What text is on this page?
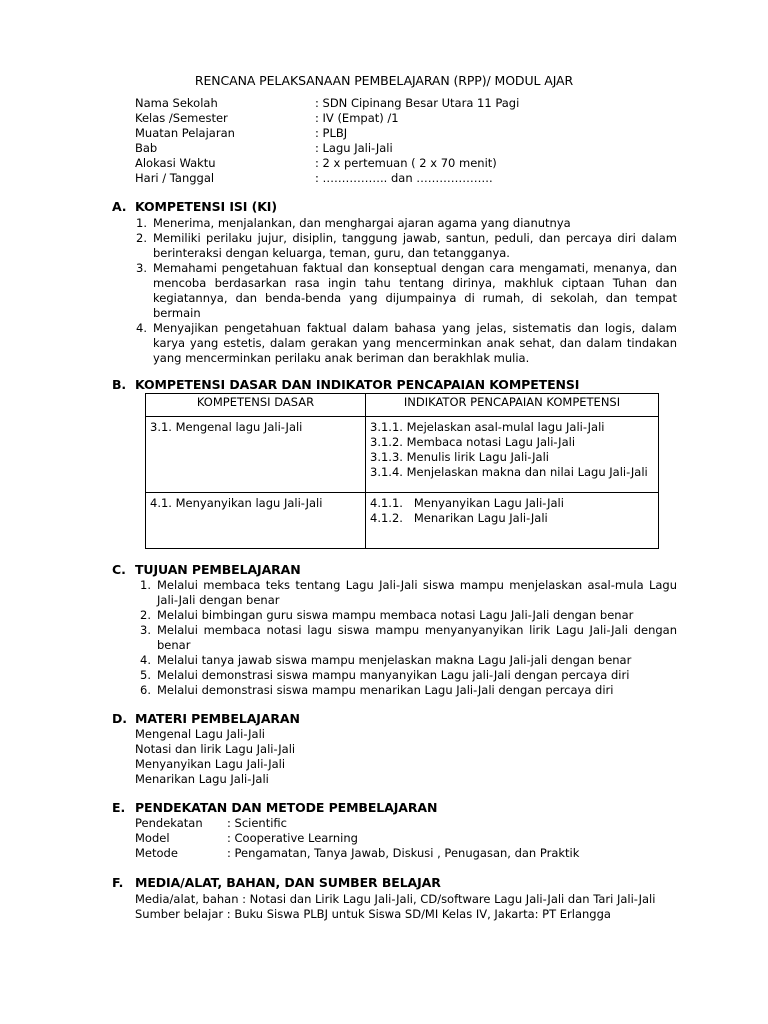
RENCANA PELAKSANAAN PEMBELAJARAN (RPP)/ MODUL AJAR
Nama Sekolah	: SDN Cipinang Besar Utara 11 Pagi
Kelas /Semester	: IV (Empat) /1
Muatan Pelajaran	: PLBJ
Bab	: Lagu Jali-Jali
Alokasi Waktu	: 2 x pertemuan ( 2 x 70 menit)
Hari / Tanggal	: …………….. dan ………………..
A. KOMPETENSI ISI (KI)
1. Menerima, menjalankan, dan menghargai ajaran agama yang dianutnya
2. Memiliki perilaku jujur, disiplin, tanggung jawab, santun, peduli, dan percaya diri dalam berinteraksi dengan keluarga, teman, guru, dan tetangganya.
3. Memahami pengetahuan faktual dan konseptual dengan cara mengamati, menanya, dan mencoba berdasarkan rasa ingin tahu tentang dirinya, makhluk ciptaan Tuhan dan kegiatannya, dan benda-benda yang dijumpainya di rumah, di sekolah, dan tempat bermain
4. Menyajikan pengetahuan faktual dalam bahasa yang jelas, sistematis dan logis, dalam karya yang estetis, dalam gerakan yang mencerminkan anak sehat, dan dalam tindakan yang mencerminkan perilaku anak beriman dan berakhlak mulia.
B. KOMPETENSI DASAR DAN INDIKATOR PENCAPAIAN KOMPETENSI
KOMPETENSI DASAR	INDIKATOR PENCAPAIAN KOMPETENSI
3.1. Mengenal lagu Jali-Jali	3.1.1. Mejelaskan asal-mulal lagu Jali-Jali
3.1.2. Membaca notasi Lagu Jali-Jali
3.1.3. Menulis lirik Lagu Jali-Jali
3.1.4. Menjelaskan makna dan nilai Lagu Jali-Jali

4.1. Menyanyikan lagu Jali-Jali	4.1.1.   Menyanyikan Lagu Jali-Jali
4.1.2.   Menarikan Lagu Jali-Jali
C. TUJUAN PEMBELAJARAN
1. Melalui membaca teks tentang Lagu Jali-Jali siswa mampu menjelaskan asal-mula Lagu Jali-Jali dengan benar
2. Melalui bimbingan guru siswa mampu membaca notasi Lagu Jali-Jali dengan benar
3. Melalui membaca notasi lagu siswa mampu menyanyanyikan lirik Lagu Jali-Jali dengan benar
4. Melalui tanya jawab siswa mampu menjelaskan makna Lagu Jali-jali dengan benar
5. Melalui demonstrasi siswa mampu manyanyikan Lagu jali-Jali dengan percaya diri
6. Melalui demonstrasi siswa mampu menarikan Lagu Jali-Jali dengan percaya diri
D. MATERI PEMBELAJARAN
Mengenal Lagu Jali-Jali
Notasi dan lirik Lagu Jali-Jali
Menyanyikan Lagu Jali-Jali
Menarikan Lagu Jali-Jali
E. PENDEKATAN DAN METODE PEMBELAJARAN
Pendekatan : Scientific
Model	: Cooperative Learning
Metode	: Pengamatan, Tanya Jawab, Diskusi , Penugasan, dan Praktik
F. MEDIA/ALAT, BAHAN, DAN SUMBER BELAJAR

Media/alat, bahan : Notasi dan Lirik Lagu Jali-Jali, CD/software Lagu Jali-Jali dan Tari Jali-Jali

Sumber belajar : Buku Siswa PLBJ untuk Siswa SD/MI Kelas IV, Jakarta: PT Erlangga
